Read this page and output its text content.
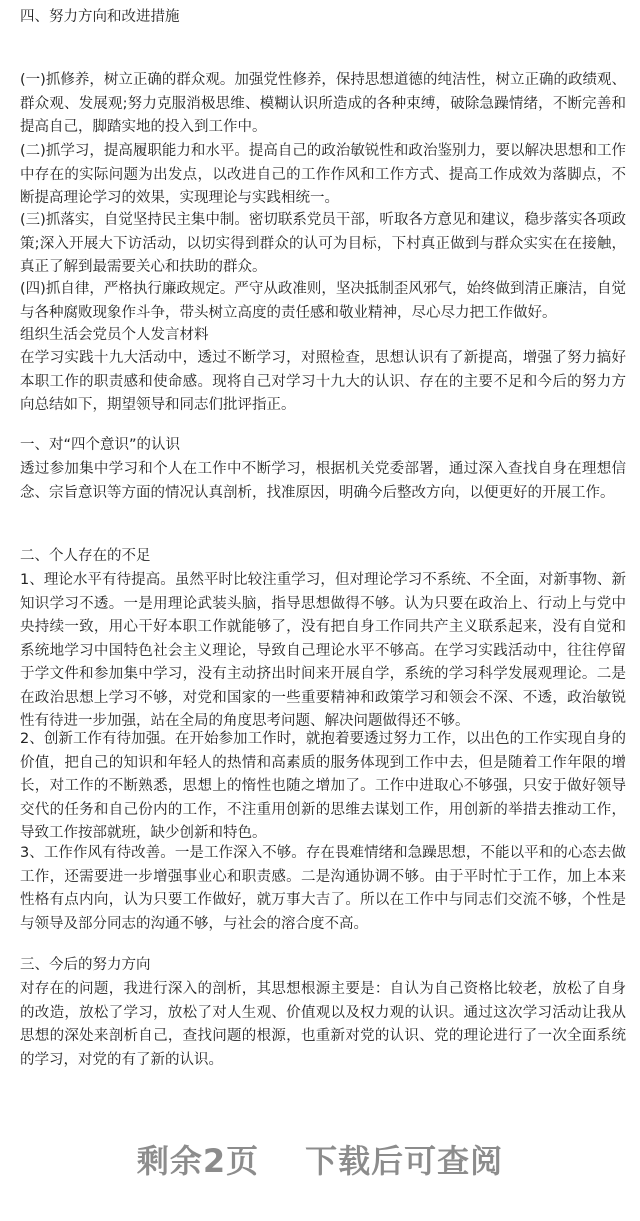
四、努力方向和改进措施
(一)抓修养，树立正确的群众观。加强党性修养，保持思想道德的纯洁性，树立正确的政绩观、群众观、发展观;努力克服消极思维、模糊认识所造成的各种束缚，破除急躁情绪，不断完善和提高自己，脚踏实地的投入到工作中。
(二)抓学习，提高履职能力和水平。提高自己的政治敏锐性和政治鉴别力，要以解决思想和工作中存在的实际问题为出发点，以改进自己的工作作风和工作方式、提高工作成效为落脚点，不断提高理论学习的效果，实现理论与实践相统一。
(三)抓落实，自觉坚持民主集中制。密切联系党员干部，听取各方意见和建议，稳步落实各项政策;深入开展大下访活动，以切实得到群众的认可为目标，下村真正做到与群众实实在在接触，真正了解到最需要关心和扶助的群众。
(四)抓自律，严格执行廉政规定。严守从政准则，坚决抵制歪风邪气，始终做到清正廉洁，自觉与各种腐败现象作斗争，带头树立高度的责任感和敬业精神，尽心尽力把工作做好。
组织生活会党员个人发言材料
在学习实践十九大活动中，透过不断学习，对照检查，思想认识有了新提高，增强了努力搞好本职工作的职责感和使命感。现将自己对学习十九大的认识、存在的主要不足和今后的努力方向总结如下，期望领导和同志们批评指正。
一、对“四个意识”的认识
透过参加集中学习和个人在工作中不断学习，根据机关党委部署，通过深入查找自身在理想信念、宗旨意识等方面的情况认真剖析，找准原因，明确今后整改方向，以便更好的开展工作。
二、个人存在的不足
1、理论水平有待提高。虽然平时比较注重学习，但对理论学习不系统、不全面，对新事物、新知识学习不透。一是用理论武装头脑，指导思想做得不够。认为只要在政治上、行动上与党中央持续一致，用心干好本职工作就能够了，没有把自身工作同共产主义联系起来，没有自觉和系统地学习中国特色社会主义理论，导致自己理论水平不够高。在学习实践活动中，往往停留于学文件和参加集中学习，没有主动挤出时间来开展自学，系统的学习科学发展观理论。二是在政治思想上学习不够，对党和国家的一些重要精神和政策学习和领会不深、不透，政治敏锐性有待进一步加强，站在全局的角度思考问题、解决问题做得还不够。
2、创新工作有待加强。在开始参加工作时，就抱着要透过努力工作，以出色的工作实现自身的价值，把自己的知识和年轻人的热情和高素质的服务体现到工作中去，但是随着工作年限的增长，对工作的不断熟悉，思想上的惰性也随之增加了。工作中进取心不够强，只安于做好领导交代的任务和自己份内的工作，不注重用创新的思维去谋划工作，用创新的举措去推动工作，导致工作按部就班，缺少创新和特色。
3、工作作风有待改善。一是工作深入不够。存在畏难情绪和急躁思想，不能以平和的心态去做工作，还需要进一步增强事业心和职责感。二是沟通协调不够。由于平时忙于工作，加上本来性格有点内向，认为只要工作做好，就万事大吉了。所以在工作中与同志们交流不够，个性是与领导及部分同志的沟通不够，与社会的溶合度不高。
三、今后的努力方向
对存在的问题，我进行深入的剖析，其思想根源主要是：自认为自己资格比较老，放松了自身的改造，放松了学习，放松了对人生观、价值观以及权力观的认识。通过这次学习活动让我从思想的深处来剖析自己，查找问题的根源，也重新对党的认识、党的理论进行了一次全面系统的学习，对党的有了新的认识。
剩余2页 下载后可查阅
